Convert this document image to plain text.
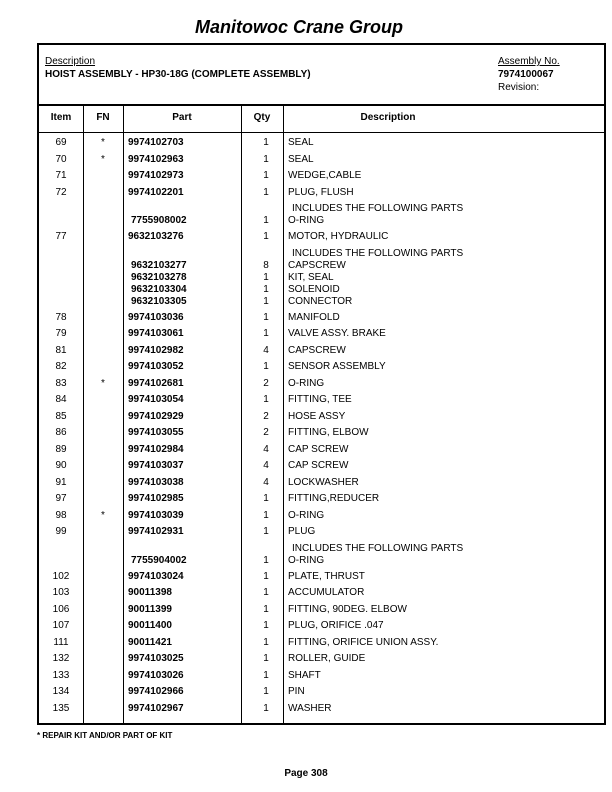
Manitowoc Crane Group
Description
HOIST ASSEMBLY - HP30-18G (COMPLETE ASSEMBLY)
Assembly No.
7974100067
Revision:
Item	FN	Part	Qty	Description
69	*	9974102703	1	SEAL
70	*	9974102963	1	SEAL
71	9974102973	1	WEDGE,CABLE
72	9974102201	1	PLUG, FLUSH
INCLUDES THE FOLLOWING PARTS
7755908002	1	O-RING
77	9632103276	1	MOTOR, HYDRAULIC
INCLUDES THE FOLLOWING PARTS
9632103277	8	CAPSCREW
9632103278	1	KIT, SEAL
9632103304	1	SOLENOID
9632103305	1	CONNECTOR
78	9974103036	1	MANIFOLD
79	9974103061	1	VALVE ASSY. BRAKE
81	9974102982	4	CAPSCREW
82	9974103052	1	SENSOR ASSEMBLY
83	*	9974102681	2	O-RING
84	9974103054	1	FITTING, TEE
85	9974102929	2	HOSE ASSY
86	9974103055	2	FITTING, ELBOW
89	9974102984	4	CAP SCREW
90	9974103037	4	CAP SCREW
91	9974103038	4	LOCKWASHER
97	9974102985	1	FITTING,REDUCER
98	*	9974103039	1	O-RING
99	9974102931	1	PLUG
INCLUDES THE FOLLOWING PARTS
7755904002	1	O-RING
102	9974103024	1	PLATE, THRUST
103	90011398	1	ACCUMULATOR
106	90011399	1	FITTING, 90DEG. ELBOW
107	90011400	1	PLUG, ORIFICE .047
111	90011421	1	FITTING, ORIFICE UNION ASSY.
132	9974103025	1	ROLLER, GUIDE
133	9974103026	1	SHAFT
134	9974102966	1	PIN
135	9974102967	1	WASHER
* REPAIR KIT AND/OR PART OF KIT
Page 308
